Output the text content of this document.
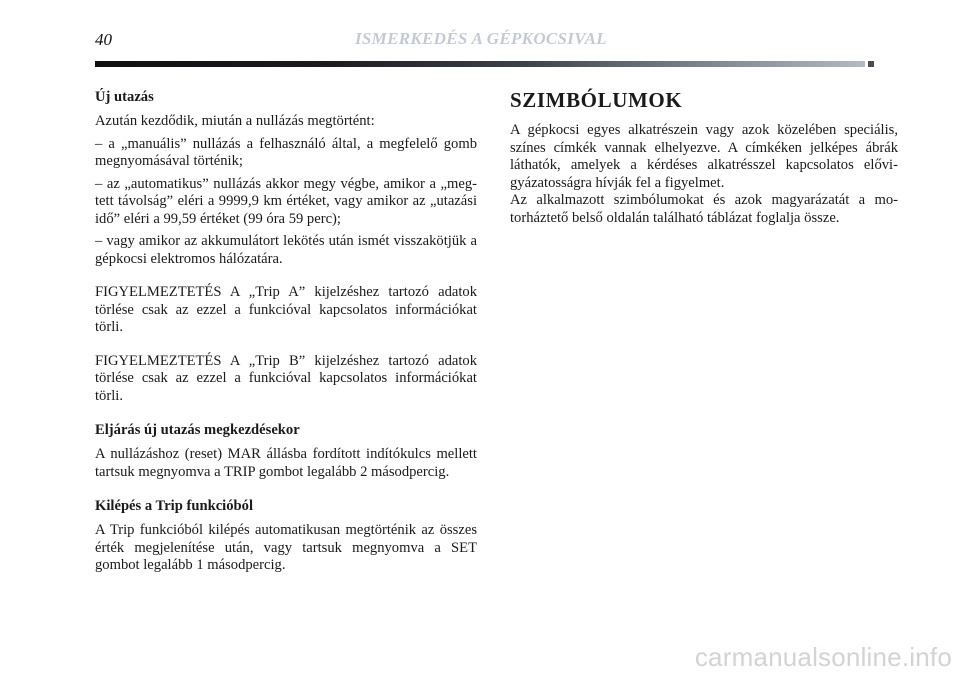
40	ISMERKEDÉS A GÉPKOCSIVAL
Új utazás

Azután kezdődik, miután a nullázás megtörtént:

– a „manuális” nullázás a felhasználó által, a megfelelő gomb megnyomásával történik;

– az „automatikus” nullázás akkor megy végbe, amikor a „megtett távolság” eléri a 9999,9 km értéket, vagy amikor az „utazási idő” eléri a 99,59 értéket (99 óra 59 perc);

– vagy amikor az akkumulátort lekötés után ismét visszakötjük a gépkocsi elektromos hálózatára.

FIGYELMEZTETÉS A „Trip A” kijelzéshez tartozó adatok törlése csak az ezzel a funkcióval kapcsolatos információkat törli.

FIGYELMEZTETÉS A „Trip B” kijelzéshez tartozó adatok törlése csak az ezzel a funkcióval kapcsolatos információkat törli.

Eljárás új utazás megkezdésekor

A nullázáshoz (reset) MAR állásba fordított indítókulcs mellett tartsuk megnyomva a TRIP gombot legalább 2 másodpercig.

Kilépés a Trip funkcióból

A Trip funkcióból kilépés automatikusan megtörténik az összes érték megjelenítése után, vagy tartsuk megnyomva a SET gombot legalább 1 másodpercig.

SZIMBÓLUMOK

A gépkocsi egyes alkatrészein vagy azok közelében speciális, színes címkék vannak elhelyezve. A címkéken jelképes ábrák láthatók, amelyek a kérdéses alkatrésszel kapcsolatos elővigyázatosságra hívják fel a figyelmet.

Az alkalmazott szimbólumokat és azok magyarázatát a motorháztető belső oldalán található táblázat foglalja össze.

carmanualsonline.info
